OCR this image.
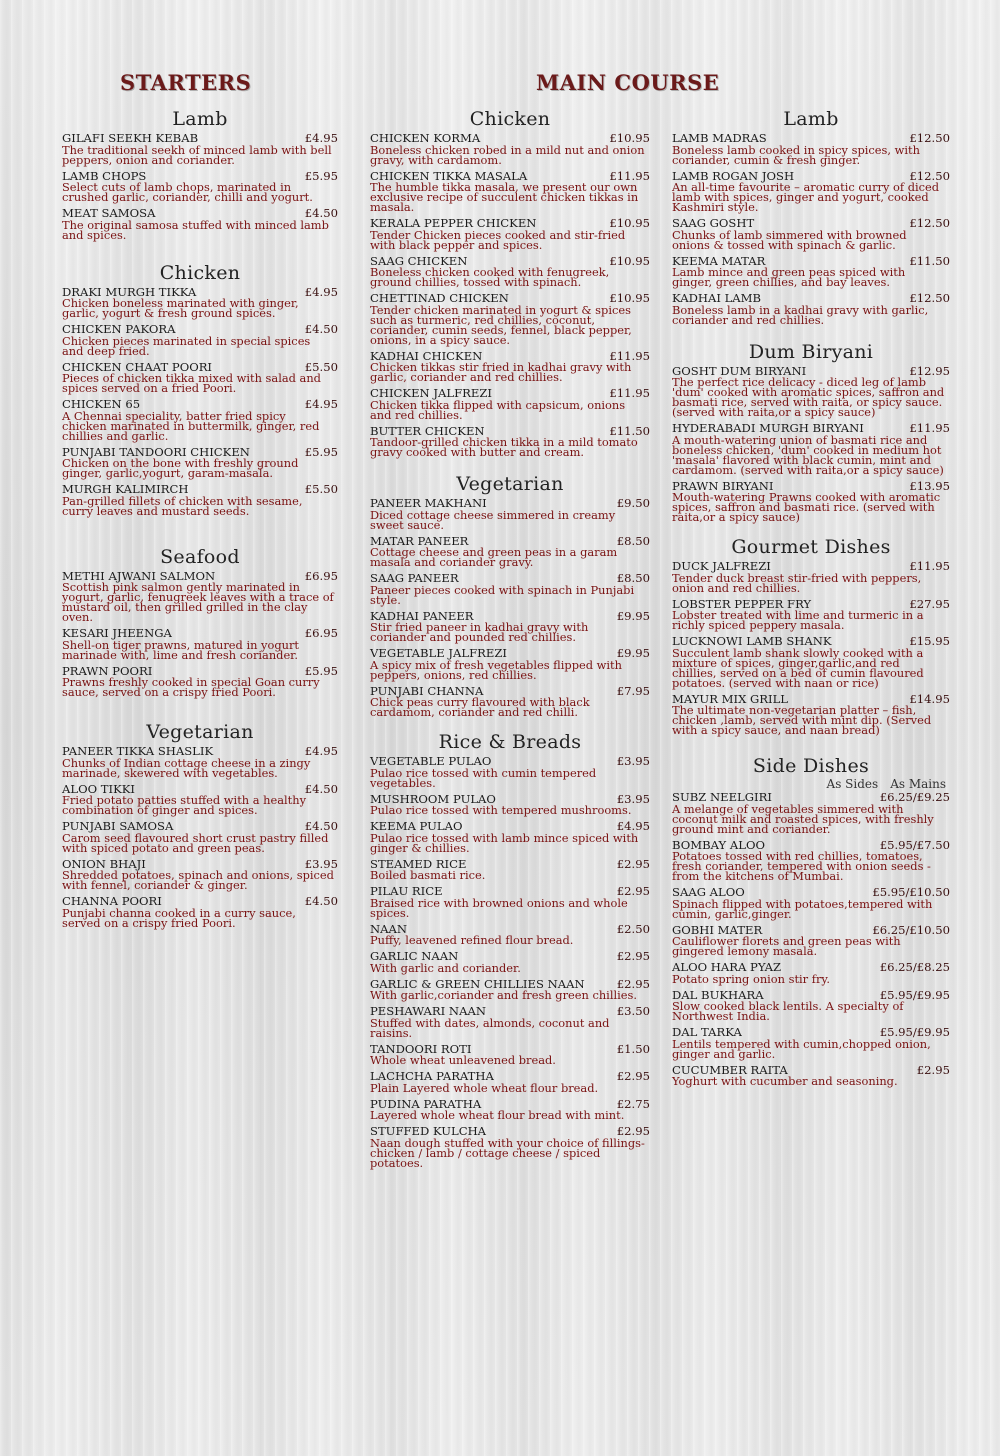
STARTERS	MAIN COURSE
Lamb
GILAFI SEEKH KEBAB	£4.95
The traditional seekh of minced lamb with bell peppers, onion and coriander.
LAMB CHOPS	£5.95
Select cuts of lamb chops, marinated in crushed garlic, coriander, chilli and yogurt.
MEAT SAMOSA	£4.50
The original samosa stuffed with minced lamb and spices.
Chicken
DRAKI MURGH TIKKA	£4.95
Chicken boneless marinated with ginger, garlic, yogurt & fresh ground spices.
CHICKEN PAKORA	£4.50
Chicken pieces marinated in special spices and deep fried.
CHICKEN CHAAT POORI	£5.50
Pieces of chicken tikka mixed with salad and spices served on a fried Poori.
CHICKEN 65	£4.95
A Chennai speciality, batter fried spicy chicken marinated in buttermilk, ginger, red chillies and garlic.
PUNJABI TANDOORI CHICKEN	£5.95
Chicken on the bone with freshly ground ginger, garlic,yogurt, garam-masala.
MURGH KALIMIRCH	£5.50
Pan-grilled fillets of chicken with sesame, curry leaves and mustard seeds.
Seafood
METHI AJWANI SALMON	£6.95
Scottish pink salmon gently marinated in yogurt, garlic, fenugreek leaves with a trace of mustard oil, then grilled grilled in the clay oven.
KESARI JHEENGA	£6.95
Shell-on tiger prawns, matured in yogurt marinade with, lime and fresh coriander.
PRAWN POORI	£5.95
Prawns freshly cooked in special Goan curry sauce, served on a crispy fried Poori.
Vegetarian
PANEER TIKKA SHASLIK	£4.95
Chunks of Indian cottage cheese in a zingy marinade, skewered with vegetables.
ALOO TIKKI	£4.50
Fried potato patties stuffed with a healthy combination of ginger and spices.
PUNJABI SAMOSA	£4.50
Carom seed flavoured short crust pastry filled with spiced potato and green peas.
ONION BHAJI	£3.95
Shredded potatoes, spinach and onions, spiced with fennel, coriander & ginger.
CHANNA POORI	£4.50
Punjabi channa cooked in a curry sauce, served on a crispy fried Poori.
Chicken
CHICKEN KORMA	£10.95
Boneless chicken robed in a mild nut and onion gravy, with cardamom.
CHICKEN TIKKA MASALA	£11.95
The humble tikka masala, we present our own exclusive recipe of succulent chicken tikkas in masala.
KERALA PEPPER CHICKEN	£10.95
Tender Chicken pieces cooked and stir-fried with black pepper and spices.
SAAG CHICKEN	£10.95
Boneless chicken cooked with fenugreek, ground chillies, tossed with spinach.
CHETTINAD CHICKEN	£10.95
Tender chicken marinated in yogurt & spices such as turmeric, red chillies, coconut, coriander, cumin seeds, fennel, black pepper, onions, in a spicy sauce.
KADHAI CHICKEN	£11.95
Chicken tikkas stir fried in kadhai gravy with garlic, coriander and red chillies.
CHICKEN JALFREZI	£11.95
Chicken tikka flipped with capsicum, onions and red chillies.
BUTTER CHICKEN	£11.50
Tandoor-grilled chicken tikka in a mild tomato gravy cooked with butter and cream.
Vegetarian
PANEER MAKHANI	£9.50
Diced cottage cheese simmered in creamy sweet sauce.
MATAR PANEER	£8.50
Cottage cheese and green peas in a garam masala and coriander gravy.
SAAG PANEER	£8.50
Paneer pieces cooked with spinach in Punjabi style.
KADHAI PANEER	£9.95
Stir fried paneer in kadhai gravy with coriander and pounded red chillies.
VEGETABLE JALFREZI	£9.95
A spicy mix of fresh vegetables flipped with peppers, onions, red chillies.
PUNJABI CHANNA	£7.95
Chick peas curry flavoured with black cardamom, coriander and red chilli.
Rice & Breads
VEGETABLE PULAO	£3.95
Pulao rice tossed with cumin tempered vegetables.
MUSHROOM PULAO	£3.95
Pulao rice tossed with tempered mushrooms.
KEEMA PULAO	£4.95
Pulao rice tossed with lamb mince spiced with ginger & chillies.
STEAMED RICE	£2.95
Boiled basmati rice.
PILAU RICE	£2.95
Braised rice with browned onions and whole spices.
NAAN	£2.50
Puffy, leavened refined flour bread.
GARLIC NAAN	£2.95
With garlic and coriander.
GARLIC & GREEN CHILLIES NAAN	£2.95
With garlic,coriander and fresh green chillies.
PESHAWARI NAAN	£3.50
Stuffed with dates, almonds, coconut and raisins.
TANDOORI ROTI	£1.50
Whole wheat unleavened bread.
LACHCHA PARATHA	£2.95
Plain Layered whole wheat flour bread.
PUDINA PARATHA	£2.75
Layered whole wheat flour bread with mint.
STUFFED KULCHA	£2.95
Naan dough stuffed with your choice of fillings- chicken / lamb / cottage cheese / spiced potatoes.
Lamb
LAMB MADRAS	£12.50
Boneless lamb cooked in spicy spices, with coriander, cumin & fresh ginger.
LAMB ROGAN JOSH	£12.50
An all-time favourite – aromatic curry of diced lamb with spices, ginger and yogurt, cooked Kashmiri style.
SAAG GOSHT	£12.50
Chunks of lamb simmered with browned onions & tossed with spinach & garlic.
KEEMA MATAR	£11.50
Lamb mince and green peas spiced with ginger, green chillies, and bay leaves.
KADHAI LAMB	£12.50
Boneless lamb in a kadhai gravy with garlic, coriander and red chillies.
Dum Biryani
GOSHT DUM BIRYANI	£12.95
The perfect rice delicacy - diced leg of lamb 'dum' cooked with aromatic spices, saffron and basmati rice, served with raita, or spicy sauce. (served with raita,or a spicy sauce)
HYDERABADI MURGH BIRYANI	£11.95
A mouth-watering union of basmati rice and boneless chicken, 'dum' cooked in medium hot 'masala' flavored with black cumin, mint and cardamom. (served with raita,or a spicy sauce)
PRAWN BIRYANI	£13.95
Mouth-watering Prawns cooked with aromatic spices, saffron and basmati rice. (served with raita,or a spicy sauce)
Gourmet Dishes
DUCK JALFREZI	£11.95
Tender duck breast stir-fried with peppers, onion and red chillies.
LOBSTER PEPPER FRY	£27.95
Lobster treated with lime and turmeric in a richly spiced peppery masala.
LUCKNOWI LAMB SHANK	£15.95
Succulent lamb shank slowly cooked with a mixture of spices, ginger,garlic,and red chillies, served on a bed of cumin flavoured potatoes. (served with naan or rice)
MAYUR MIX GRILL	£14.95
The ultimate non-vegetarian platter – fish, chicken ,lamb, served with mint dip. (Served with a spicy sauce, and naan bread)
Side Dishes
As Sides As Mains
SUBZ NEELGIRI	£6.25/£9.25
A melange of vegetables simmered with coconut milk and roasted spices, with freshly ground mint and coriander.
BOMBAY ALOO	£5.95/£7.50
Potatoes tossed with red chillies, tomatoes, fresh coriander, tempered with onion seeds - from the kitchens of Mumbai.
SAAG ALOO	£5.95/£10.50
Spinach flipped with potatoes,tempered with cumin, garlic,ginger.
GOBHI MATER	£6.25/£10.50
Cauliflower florets and green peas with gingered lemony masala.
ALOO HARA PYAZ	£6.25/£8.25
Potato spring onion stir fry.
DAL BUKHARA	£5.95/£9.95
Slow cooked black lentils. A specialty of Northwest India.
DAL TARKA	£5.95/£9.95
Lentils tempered with cumin,chopped onion, ginger and garlic.
CUCUMBER RAITA	£2.95
Yoghurt with cucumber and seasoning.
